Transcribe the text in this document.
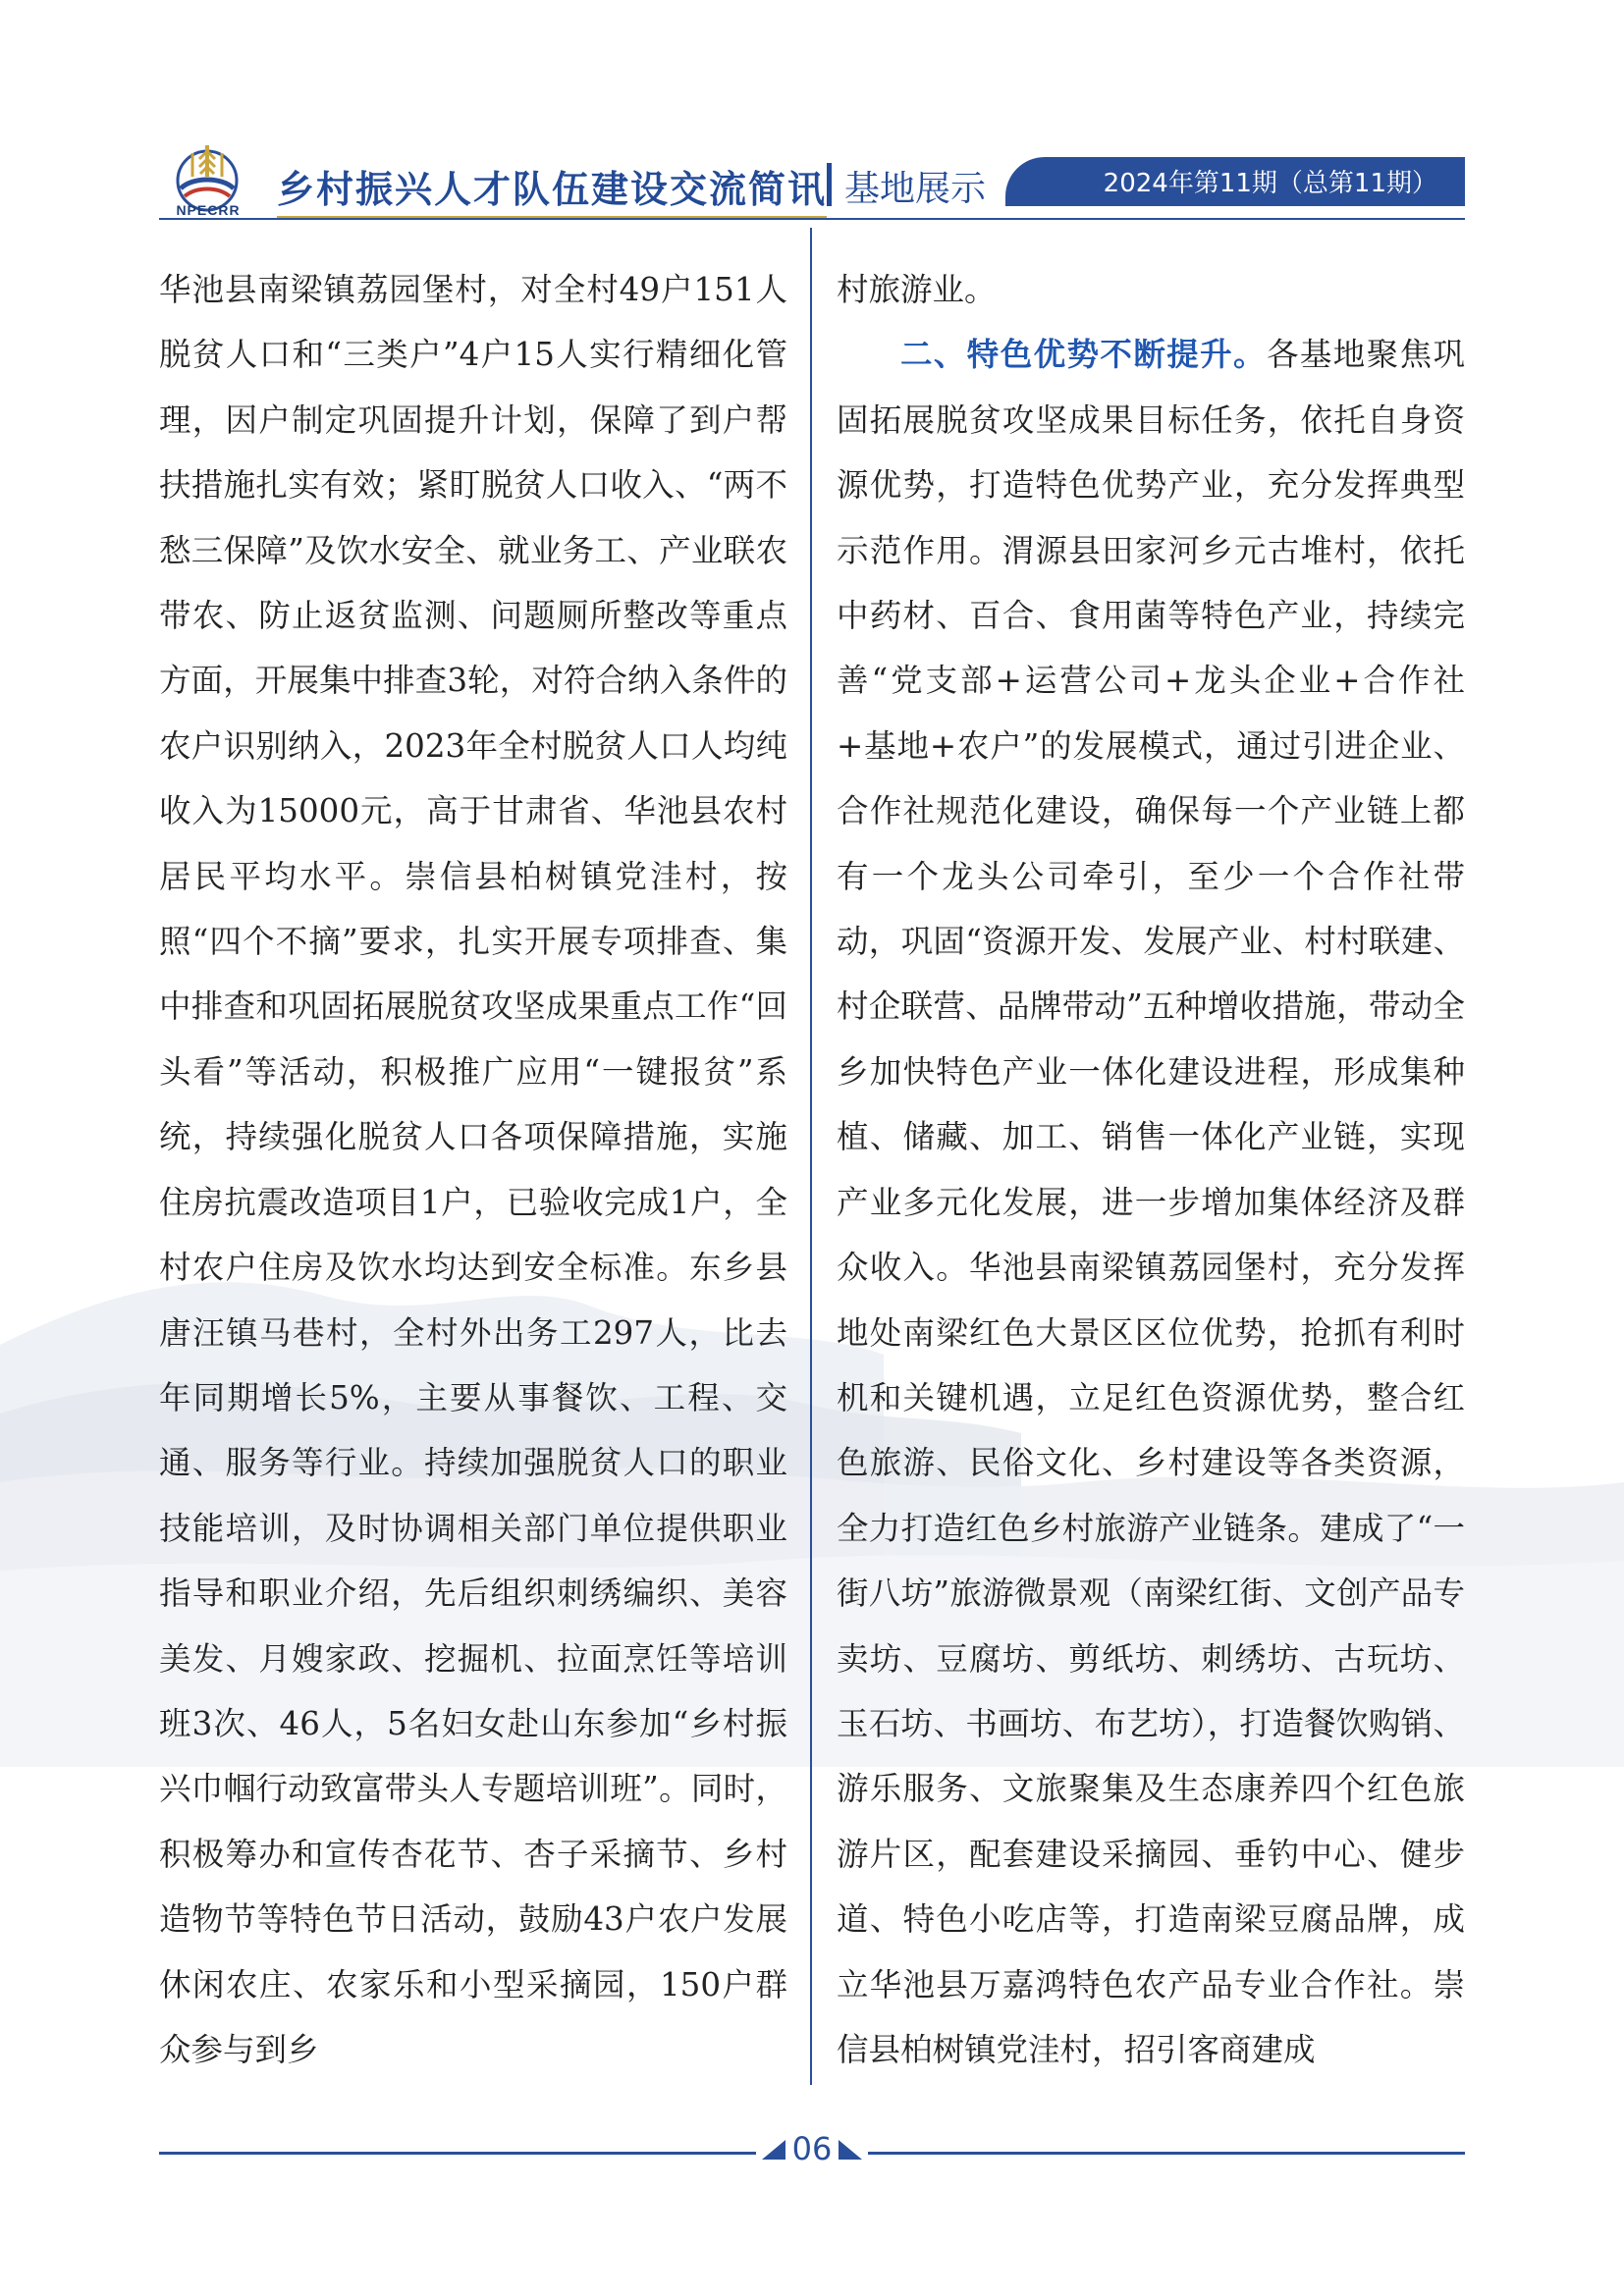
NPECRR 乡村振兴人才队伍建设交流简讯 基地展示	2024年第11期（总第11期）

华池县南梁镇荔园堡村，对全村49户151人脱贫人口和“三类户”4户15人实行精细化管理，因户制定巩固提升计划，保障了到户帮扶措施扎实有效；紧盯脱贫人口收入、“两不愁三保障”及饮水安全、就业务工、产业联农带农、防止返贫监测、问题厕所整改等重点方面，开展集中排查3轮，对符合纳入条件的农户识别纳入，2023年全村脱贫人口人均纯收入为15000元，高于甘肃省、华池县农村居民平均水平。崇信县柏树镇党洼村，按照“四个不摘”要求，扎实开展专项排查、集中排查和巩固拓展脱贫攻坚成果重点工作“回头看”等活动，积极推广应用“一键报贫”系统，持续强化脱贫人口各项保障措施，实施住房抗震改造项目1户，已验收完成1户，全村农户住房及饮水均达到安全标准。东乡县唐汪镇马巷村，全村外出务工297人，比去年同期增长5%，主要从事餐饮、工程、交通、服务等行业。持续加强脱贫人口的职业技能培训，及时协调相关部门单位提供职业指导和职业介绍，先后组织刺绣编织、美容美发、月嫂家政、挖掘机、拉面烹饪等培训班3次、46人，5名妇女赴山东参加“乡村振兴巾帼行动致富带头人专题培训班”。同时，积极筹办和宣传杏花节、杏子采摘节、乡村造物节等特色节日活动，鼓励43户农户发展休闲农庄、农家乐和小型采摘园，150户群众参与到乡

村旅游业。

二、特色优势不断提升。各基地聚焦巩固拓展脱贫攻坚成果目标任务，依托自身资源优势，打造特色优势产业，充分发挥典型示范作用。渭源县田家河乡元古堆村，依托中药材、百合、食用菌等特色产业，持续完善“党支部+运营公司+龙头企业+合作社+基地+农户”的发展模式，通过引进企业、合作社规范化建设，确保每一个产业链上都有一个龙头公司牵引，至少一个合作社带动，巩固“资源开发、发展产业、村村联建、村企联营、品牌带动”五种增收措施，带动全乡加快特色产业一体化建设进程，形成集种植、储藏、加工、销售一体化产业链，实现产业多元化发展，进一步增加集体经济及群众收入。华池县南梁镇荔园堡村，充分发挥地处南梁红色大景区区位优势，抢抓有利时机和关键机遇，立足红色资源优势，整合红色旅游、民俗文化、乡村建设等各类资源，全力打造红色乡村旅游产业链条。建成了“一街八坊”旅游微景观（南梁红街、文创产品专卖坊、豆腐坊、剪纸坊、刺绣坊、古玩坊、玉石坊、书画坊、布艺坊），打造餐饮购销、游乐服务、文旅聚集及生态康养四个红色旅游片区，配套建设采摘园、垂钓中心、健步道、特色小吃店等，打造南梁豆腐品牌，成立华池县万嘉鸿特色农产品专业合作社。崇信县柏树镇党洼村，招引客商建成

06
